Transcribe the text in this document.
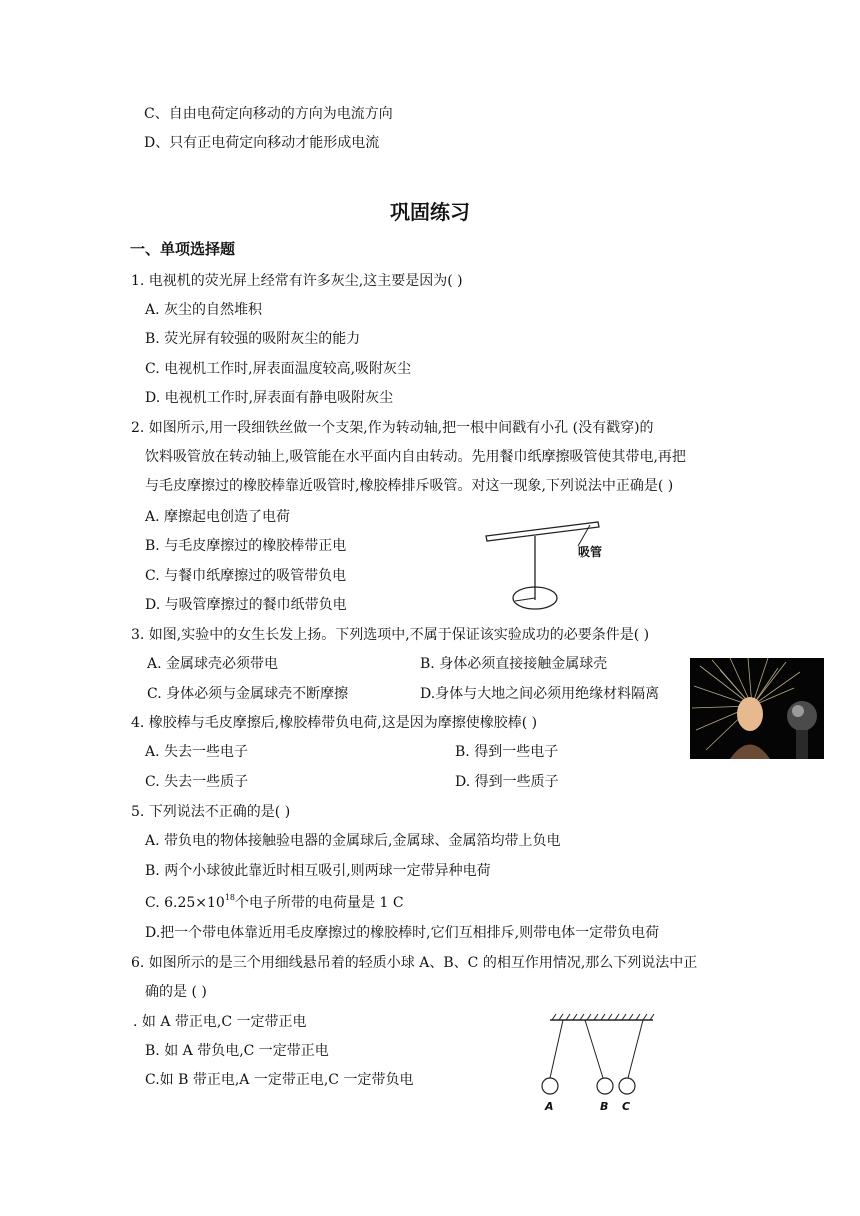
C、自由电荷定向移动的方向为电流方向
D、只有正电荷定向移动才能形成电流
巩固练习
一、单项选择题
1. 电视机的荧光屏上经常有许多灰尘,这主要是因为( )
A. 灰尘的自然堆积
B. 荧光屏有较强的吸附灰尘的能力
C. 电视机工作时,屏表面温度较高,吸附灰尘
D. 电视机工作时,屏表面有静电吸附灰尘
2. 如图所示,用一段细铁丝做一个支架,作为转动轴,把一根中间戳有小孔 (没有戳穿)的
饮料吸管放在转动轴上,吸管能在水平面内自由转动。先用餐巾纸摩擦吸管使其带电,再把
与毛皮摩擦过的橡胶棒靠近吸管时,橡胶棒排斥吸管。对这一现象,下列说法中正确是( )
A. 摩擦起电创造了电荷
B. 与毛皮摩擦过的橡胶棒带正电
C. 与餐巾纸摩擦过的吸管带负电
D. 与吸管摩擦过的餐巾纸带负电
吸管
3. 如图,实验中的女生长发上扬。下列选项中,不属于保证该实验成功的必要条件是( )
A. 金属球壳必须带电	B. 身体必须直接接触金属球壳
C. 身体必须与金属球壳不断摩擦	D.身体与大地之间必须用绝缘材料隔离
4. 橡胶棒与毛皮摩擦后,橡胶棒带负电荷,这是因为摩擦使橡胶棒( )
A. 失去一些电子	B. 得到一些电子
C. 失去一些质子	D. 得到一些质子
5. 下列说法不正确的是( )
A. 带负电的物体接触验电器的金属球后,金属球、金属箔均带上负电
B. 两个小球彼此靠近时相互吸引,则两球一定带异种电荷
C. $6.25\times 10^{18}$个电子所带的电荷量是 1 C
D.把一个带电体靠近用毛皮摩擦过的橡胶棒时,它们互相排斥,则带电体一定带负电荷
6. 如图所示的是三个用细线悬吊着的轻质小球 A、B、C 的相互作用情况,那么下列说法中正
确的是 ( )
. 如 A 带正电,C 一定带正电
B. 如 A 带负电,C 一定带正电
C.如 B 带正电,A 一定带正电,C 一定带负电
A	B C
